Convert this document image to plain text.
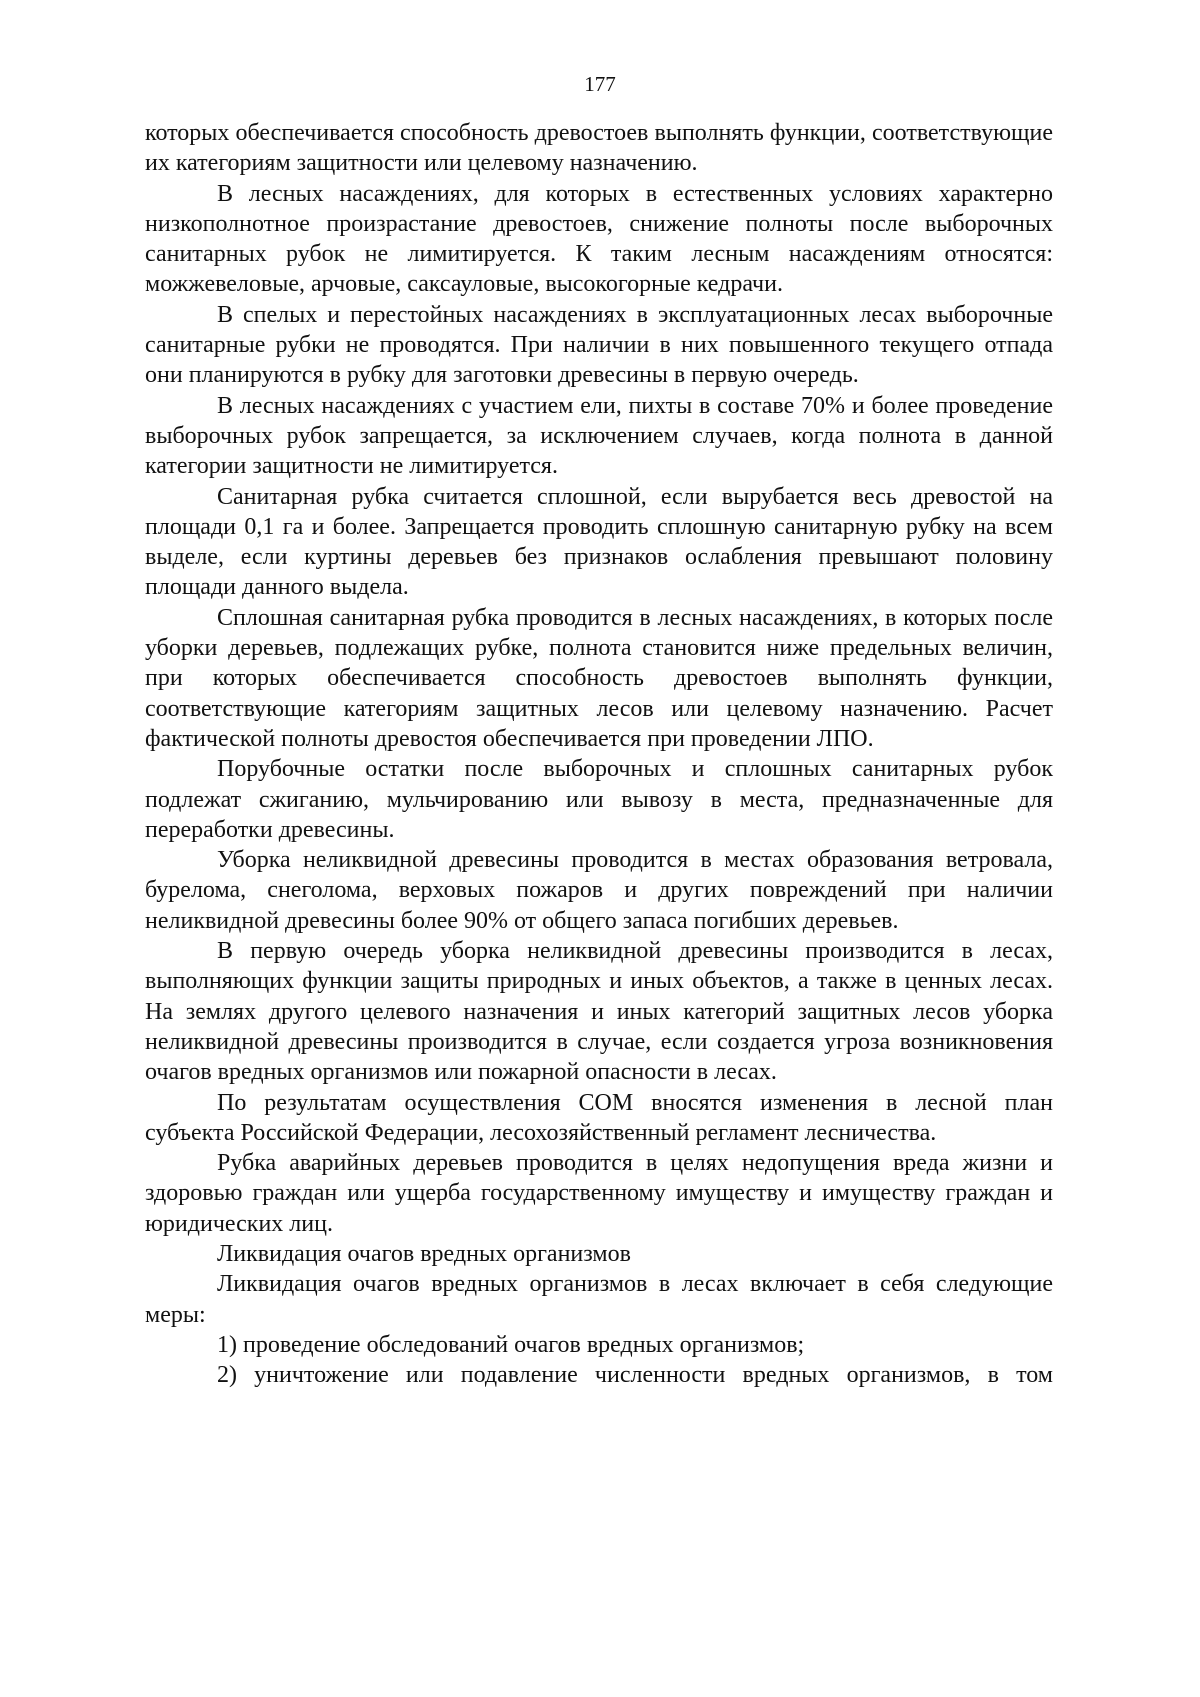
177

которых обеспечивается способность древостоев выполнять функции, соответствующие их категориям защитности или целевому назначению.

В лесных насаждениях, для которых в естественных условиях характерно низкополнотное произрастание древостоев, снижение полноты после выборочных санитарных рубок не лимитируется. К таким лесным насаждениям относятся: можжевеловые, арчовые, саксауловые, высокогорные кедрачи.

В спелых и перестойных насаждениях в эксплуатационных лесах выборочные санитарные рубки не проводятся. При наличии в них повышенного текущего отпада они планируются в рубку для заготовки древесины в первую очередь.

В лесных насаждениях с участием ели, пихты в составе 70% и более проведение выборочных рубок запрещается, за исключением случаев, когда полнота в данной категории защитности не лимитируется.

Санитарная рубка считается сплошной, если вырубается весь древостой на площади 0,1 га и более. Запрещается проводить сплошную санитарную рубку на всем выделе, если куртины деревьев без признаков ослабления превышают половину площади данного выдела.

Сплошная санитарная рубка проводится в лесных насаждениях, в которых после уборки деревьев, подлежащих рубке, полнота становится ниже предельных величин, при которых обеспечивается способность древостоев выполнять функции, соответствующие категориям защитных лесов или целевому назначению. Расчет фактической полноты древостоя обеспечивается при проведении ЛПО.

Порубочные остатки после выборочных и сплошных санитарных рубок подлежат сжиганию, мульчированию или вывозу в места, предназначенные для переработки древесины.

Уборка неликвидной древесины проводится в местах образования ветровала, бурелома, снеголома, верховых пожаров и других повреждений при наличии неликвидной древесины более 90% от общего запаса погибших деревьев.

В первую очередь уборка неликвидной древесины производится в лесах, выполняющих функции защиты природных и иных объектов, а также в ценных лесах. На землях другого целевого назначения и иных категорий защитных лесов уборка неликвидной древесины производится в случае, если создается угроза возникновения очагов вредных организмов или пожарной опасности в лесах.

По результатам осуществления СОМ вносятся изменения в лесной план субъекта Российской Федерации, лесохозяйственный регламент лесничества.

Рубка аварийных деревьев проводится в целях недопущения вреда жизни и здоровью граждан или ущерба государственному имуществу и имуществу граждан и юридических лиц.

Ликвидация очагов вредных организмов

Ликвидация очагов вредных организмов в лесах включает в себя следующие меры:

1) проведение обследований очагов вредных организмов;

2) уничтожение или подавление численности вредных организмов, в том
